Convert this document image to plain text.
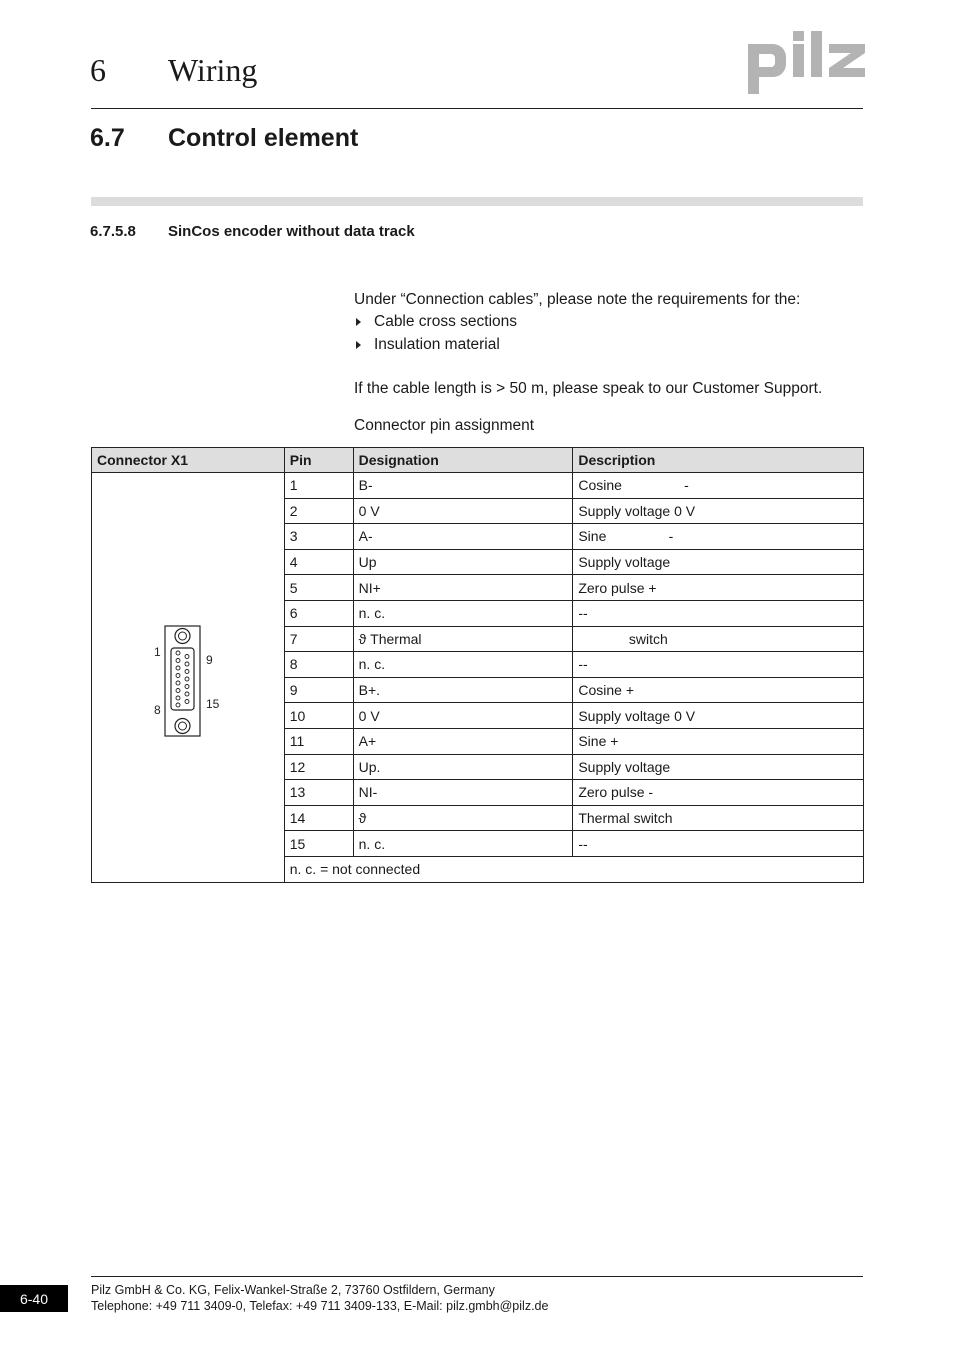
6 Wiring
6.7 Control element
6.7.5.8 SinCos encoder without data track
Under “Connection cables”, please note the requirements for the:
Cable cross sections
Insulation material
If the cable length is > 50 m, please speak to our Customer Support.
Connector pin assignment
Connector X1	Pin	Designation	Description

1
8
9
15	1	B-	Cosine                -
	2	0 V	Supply voltage 0 V
	3	A-	Sine                -
	4	Up	Supply voltage
	5	NI+	Zero pulse +
	6	n. c.	--
	7	ϑ Thermal	switch
	8	n. c.	--
	9	B+.	Cosine +
	10	0 V	Supply voltage 0 V
	11	A+	Sine +
	12	Up.	Supply voltage
	13	NI-	Zero pulse -
	14	ϑ	Thermal switch
	15	n. c.	--
	n. c. = not connected		
6-40
Pilz GmbH & Co. KG, Felix-Wankel-Straße 2, 73760 Ostfildern, Germany
Telephone: +49 711 3409-0, Telefax: +49 711 3409-133, E-Mail: pilz.gmbh@pilz.de
